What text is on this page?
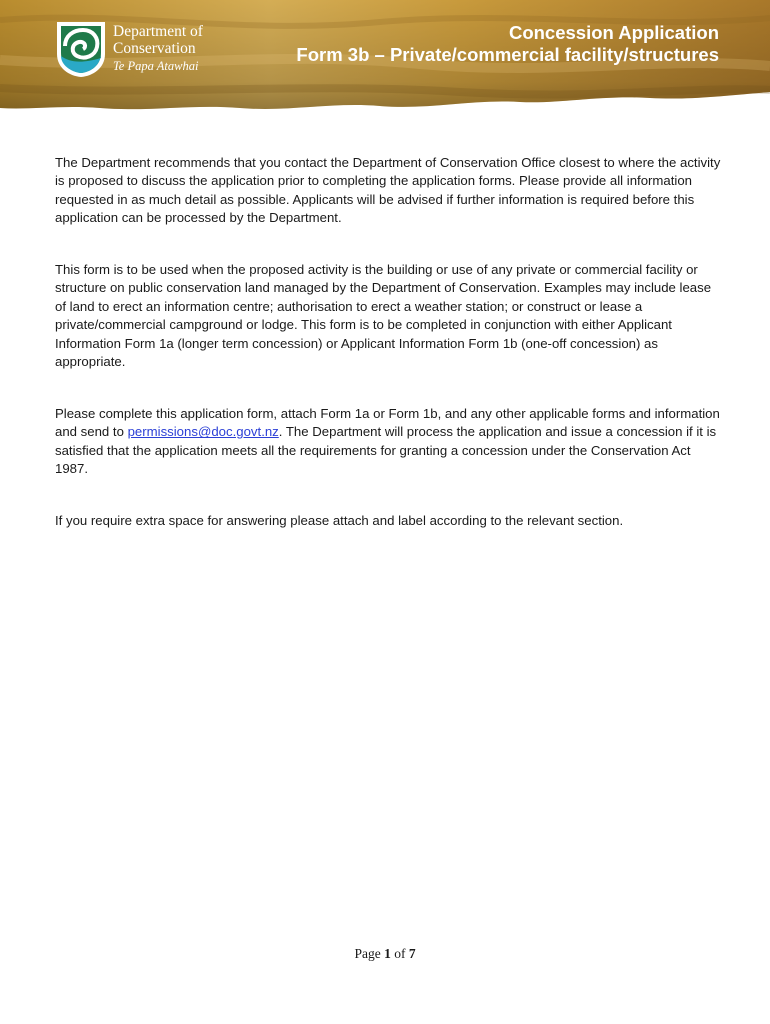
Department of
Conservation
Te Papa Atawhai
Concession Application
Form 3b – Private/commercial facility/structures
The Department recommends that you contact the Department of Conservation Office closest to where the activity is proposed to discuss the application prior to completing the application forms. Please provide all information requested in as much detail as possible. Applicants will be advised if further information is required before this application can be processed by the Department.
This form is to be used when the proposed activity is the building or use of any private or commercial facility or structure on public conservation land managed by the Department of Conservation. Examples may include lease of land to erect an information centre; authorisation to erect a weather station; or construct or lease a private/commercial campground or lodge. This form is to be completed in conjunction with either Applicant Information Form 1a (longer term concession) or Applicant Information Form 1b (one-off concession) as appropriate.
Please complete this application form, attach Form 1a or Form 1b, and any other applicable forms and information and send to permissions@doc.govt.nz. The Department will process the application and issue a concession if it is satisfied that the application meets all the requirements for granting a concession under the Conservation Act 1987.
If you require extra space for answering please attach and label according to the relevant section.
Page 1 of 7
